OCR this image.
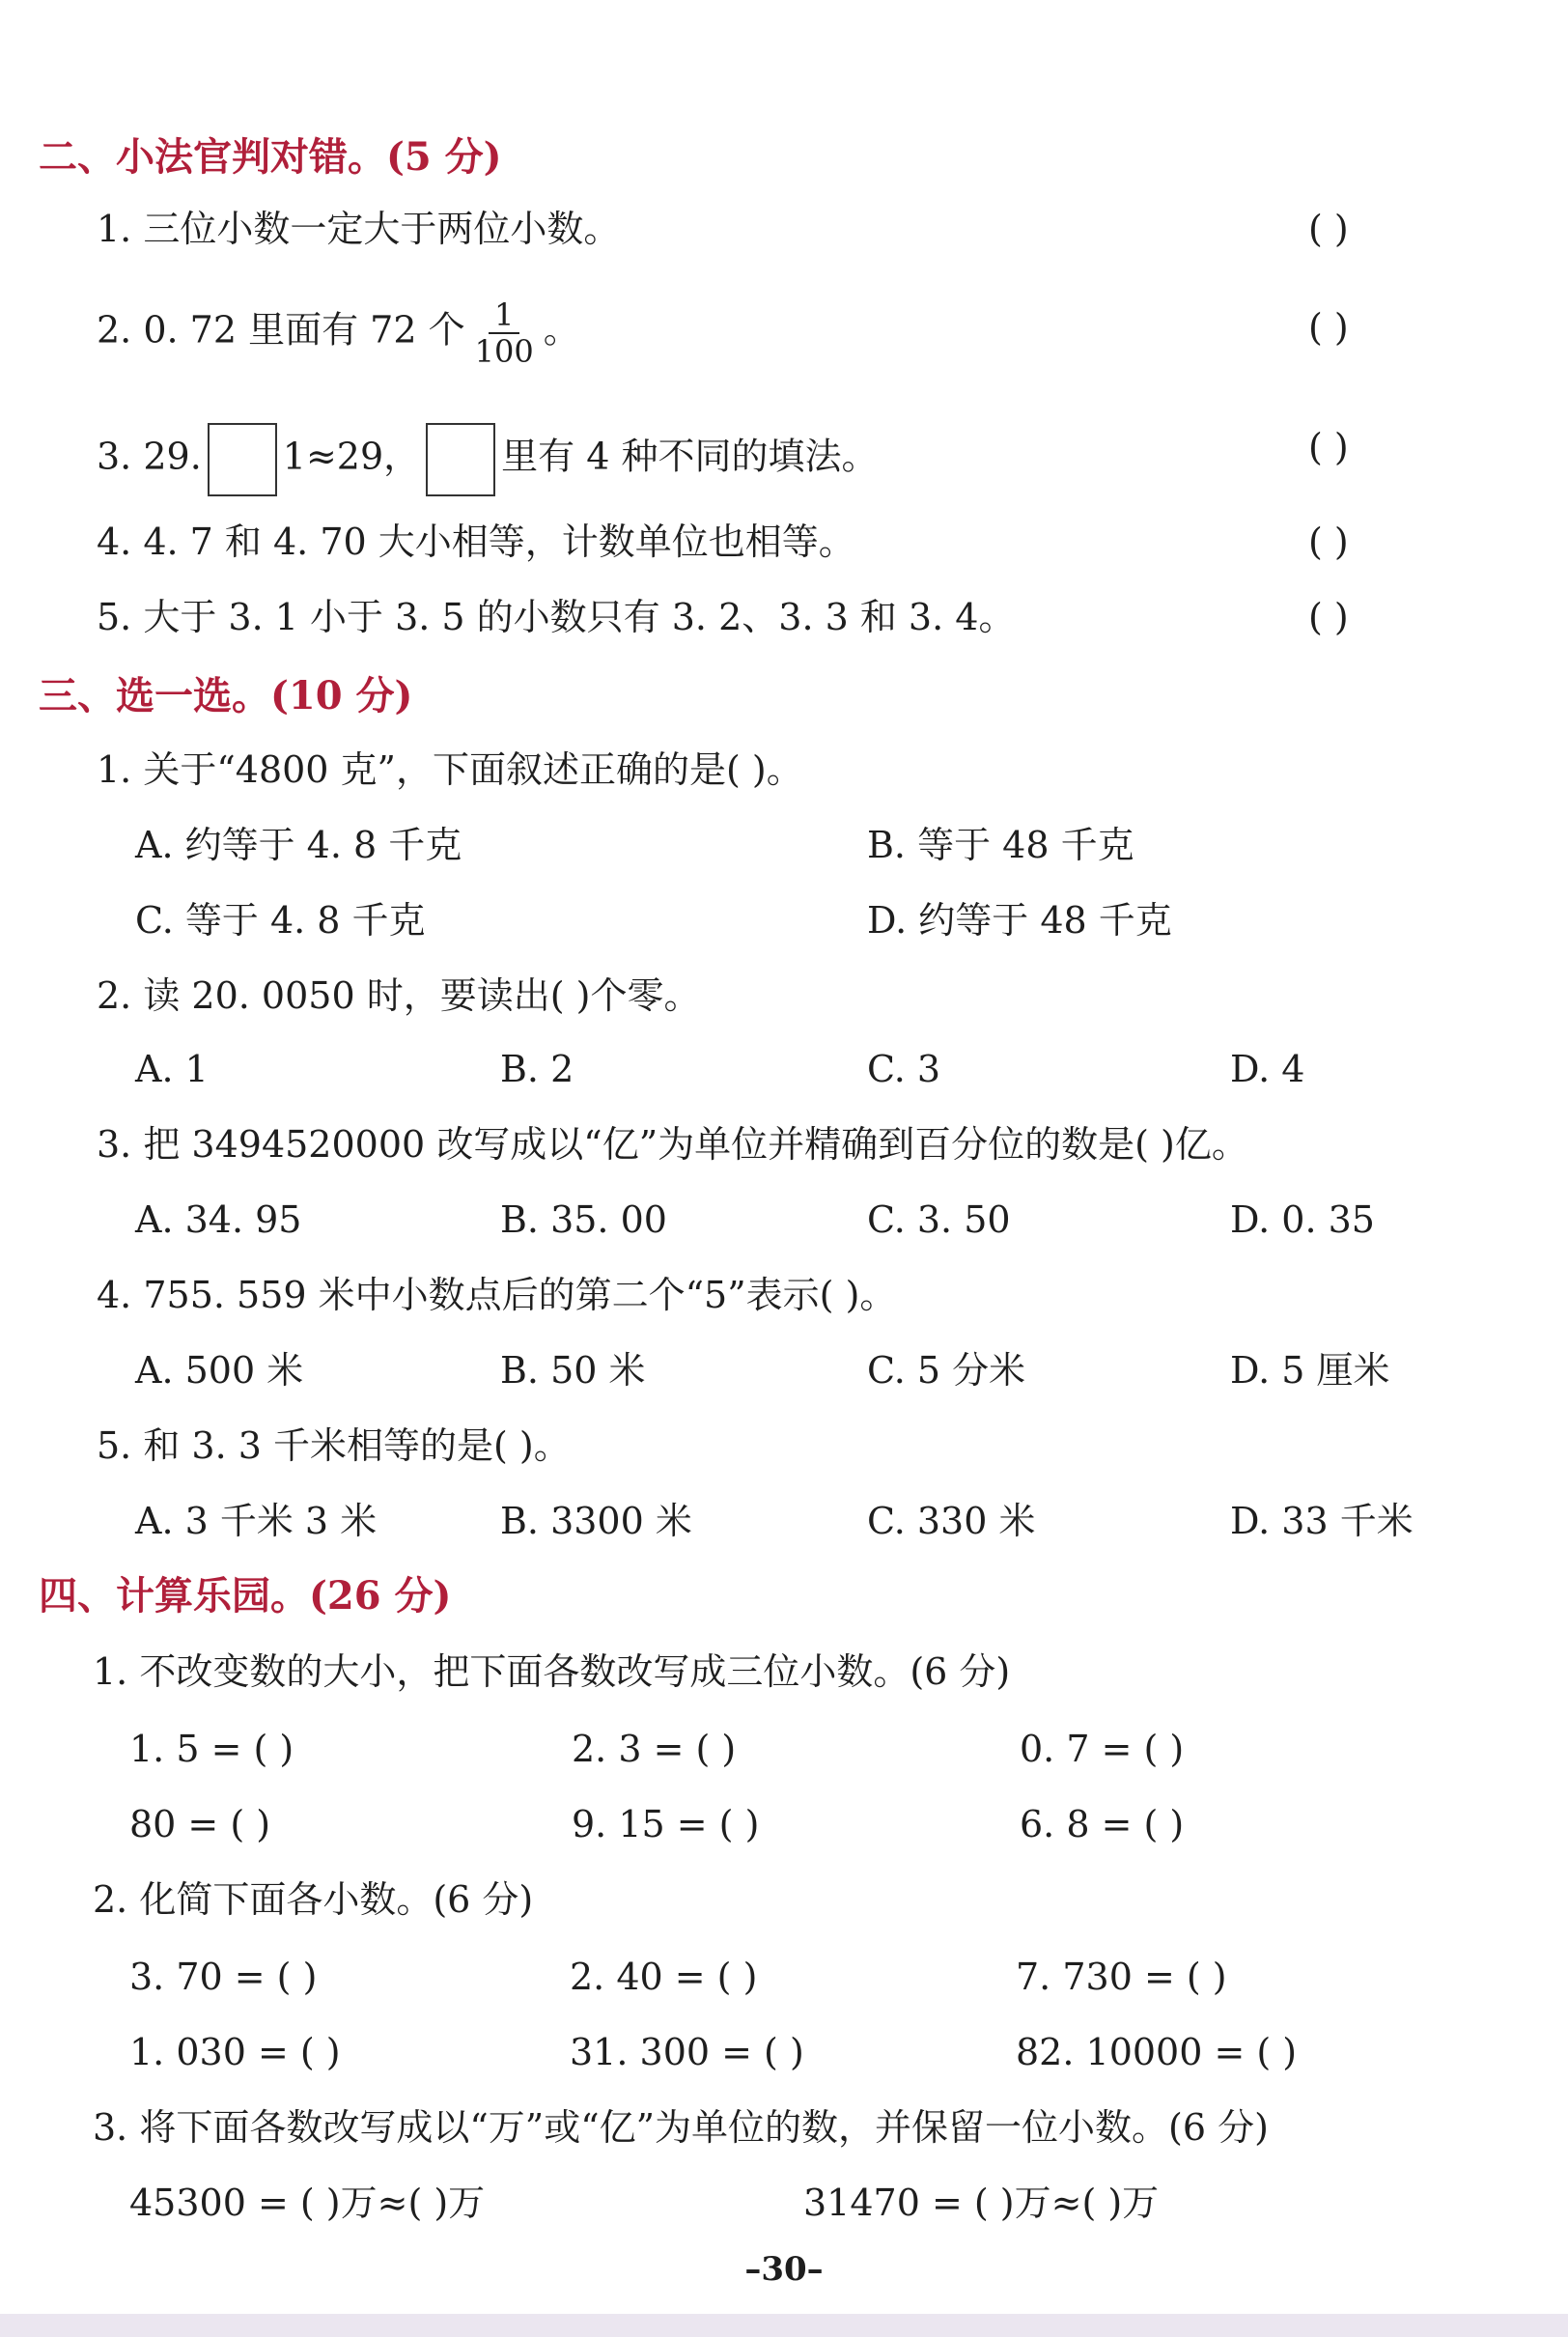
二、小法官判对错。(5 分)
1. 三位小数一定大于两位小数。	( )
2. 0. 72 里面有 72 个 $\frac{1}{100}$ 。	( )
3. 29. 1≈29， 里有 4 种不同的填法。	( )
4. 4. 7 和 4. 70 大小相等，计数单位也相等。	( )
5. 大于 3. 1 小于 3. 5 的小数只有 3. 2、3. 3 和 3. 4。	( )
三、选一选。(10 分)
1. 关于“4800 克”，下面叙述正确的是( )。
A. 约等于 4. 8 千克	B. 等于 48 千克
C. 等于 4. 8 千克	D. 约等于 48 千克
2. 读 20. 0050 时，要读出( )个零。
A. 1	B. 2	C. 3	D. 4
3. 把 3494520000 改写成以“亿”为单位并精确到百分位的数是( )亿。
A. 34. 95	B. 35. 00	C. 3. 50	D. 0. 35
4. 755. 559 米中小数点后的第二个“5”表示( )。
A. 500 米	B. 50 米	C. 5 分米	D. 5 厘米
5. 和 3. 3 千米相等的是( )。
A. 3 千米 3 米	B. 3300 米	C. 330 米	D. 33 千米
四、计算乐园。(26 分)
1. 不改变数的大小，把下面各数改写成三位小数。(6 分)
1. 5 = ( )	2. 3 = ( )	0. 7 = ( )
80 = ( )	9. 15 = ( )	6. 8 = ( )
2. 化简下面各小数。(6 分)
3. 70 = ( )	2. 40 = ( )	7. 730 = ( )
1. 030 = ( )	31. 300 = ( )	82. 10000 = ( )
3. 将下面各数改写成以“万”或“亿”为单位的数，并保留一位小数。(6 分)
45300 = ( )万≈( )万	31470 = ( )万≈( )万
–30–
